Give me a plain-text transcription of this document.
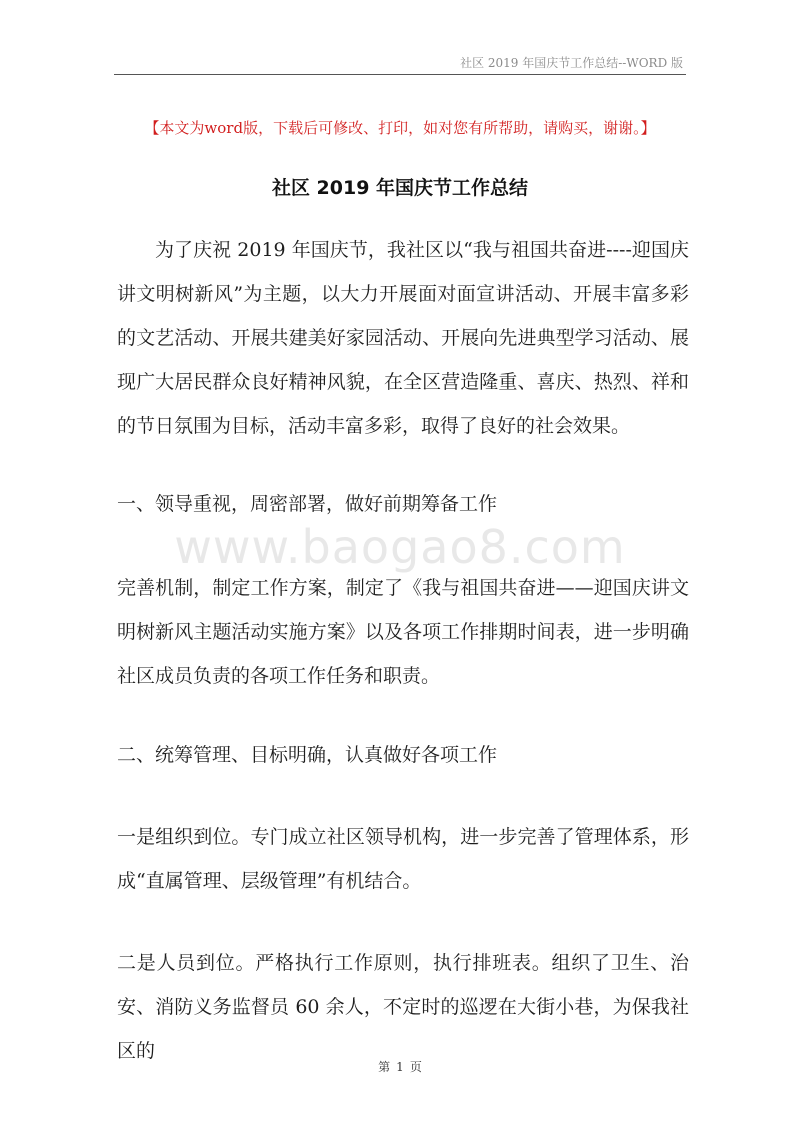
社区 2019 年国庆节工作总结--WORD 版
【本文为word版，下载后可修改、打印，如对您有所帮助，请购买，谢谢。】
社区 2019 年国庆节工作总结

为了庆祝 2019 年国庆节，我社区以“我与祖国共奋进----迎国庆讲文明树新风”为主题，以大力开展面对面宣讲活动、开展丰富多彩的文艺活动、开展共建美好家园活动、开展向先进典型学习活动、展现广大居民群众良好精神风貌，在全区营造隆重、喜庆、热烈、祥和的节日氛围为目标，活动丰富多彩，取得了良好的社会效果。

一、领导重视，周密部署，做好前期筹备工作

www.baogao8.com

完善机制，制定工作方案，制定了《我与祖国共奋进——迎国庆讲文明树新风主题活动实施方案》以及各项工作排期时间表，进一步明确社区成员负责的各项工作任务和职责。

二、统筹管理、目标明确，认真做好各项工作

一是组织到位。专门成立社区领导机构，进一步完善了管理体系，形成“直属管理、层级管理”有机结合。

二是人员到位。严格执行工作原则，执行排班表。组织了卫生、治安、消防义务监督员 60 余人，不定时的巡逻在大街小巷，为保我社区的

第 1 页
